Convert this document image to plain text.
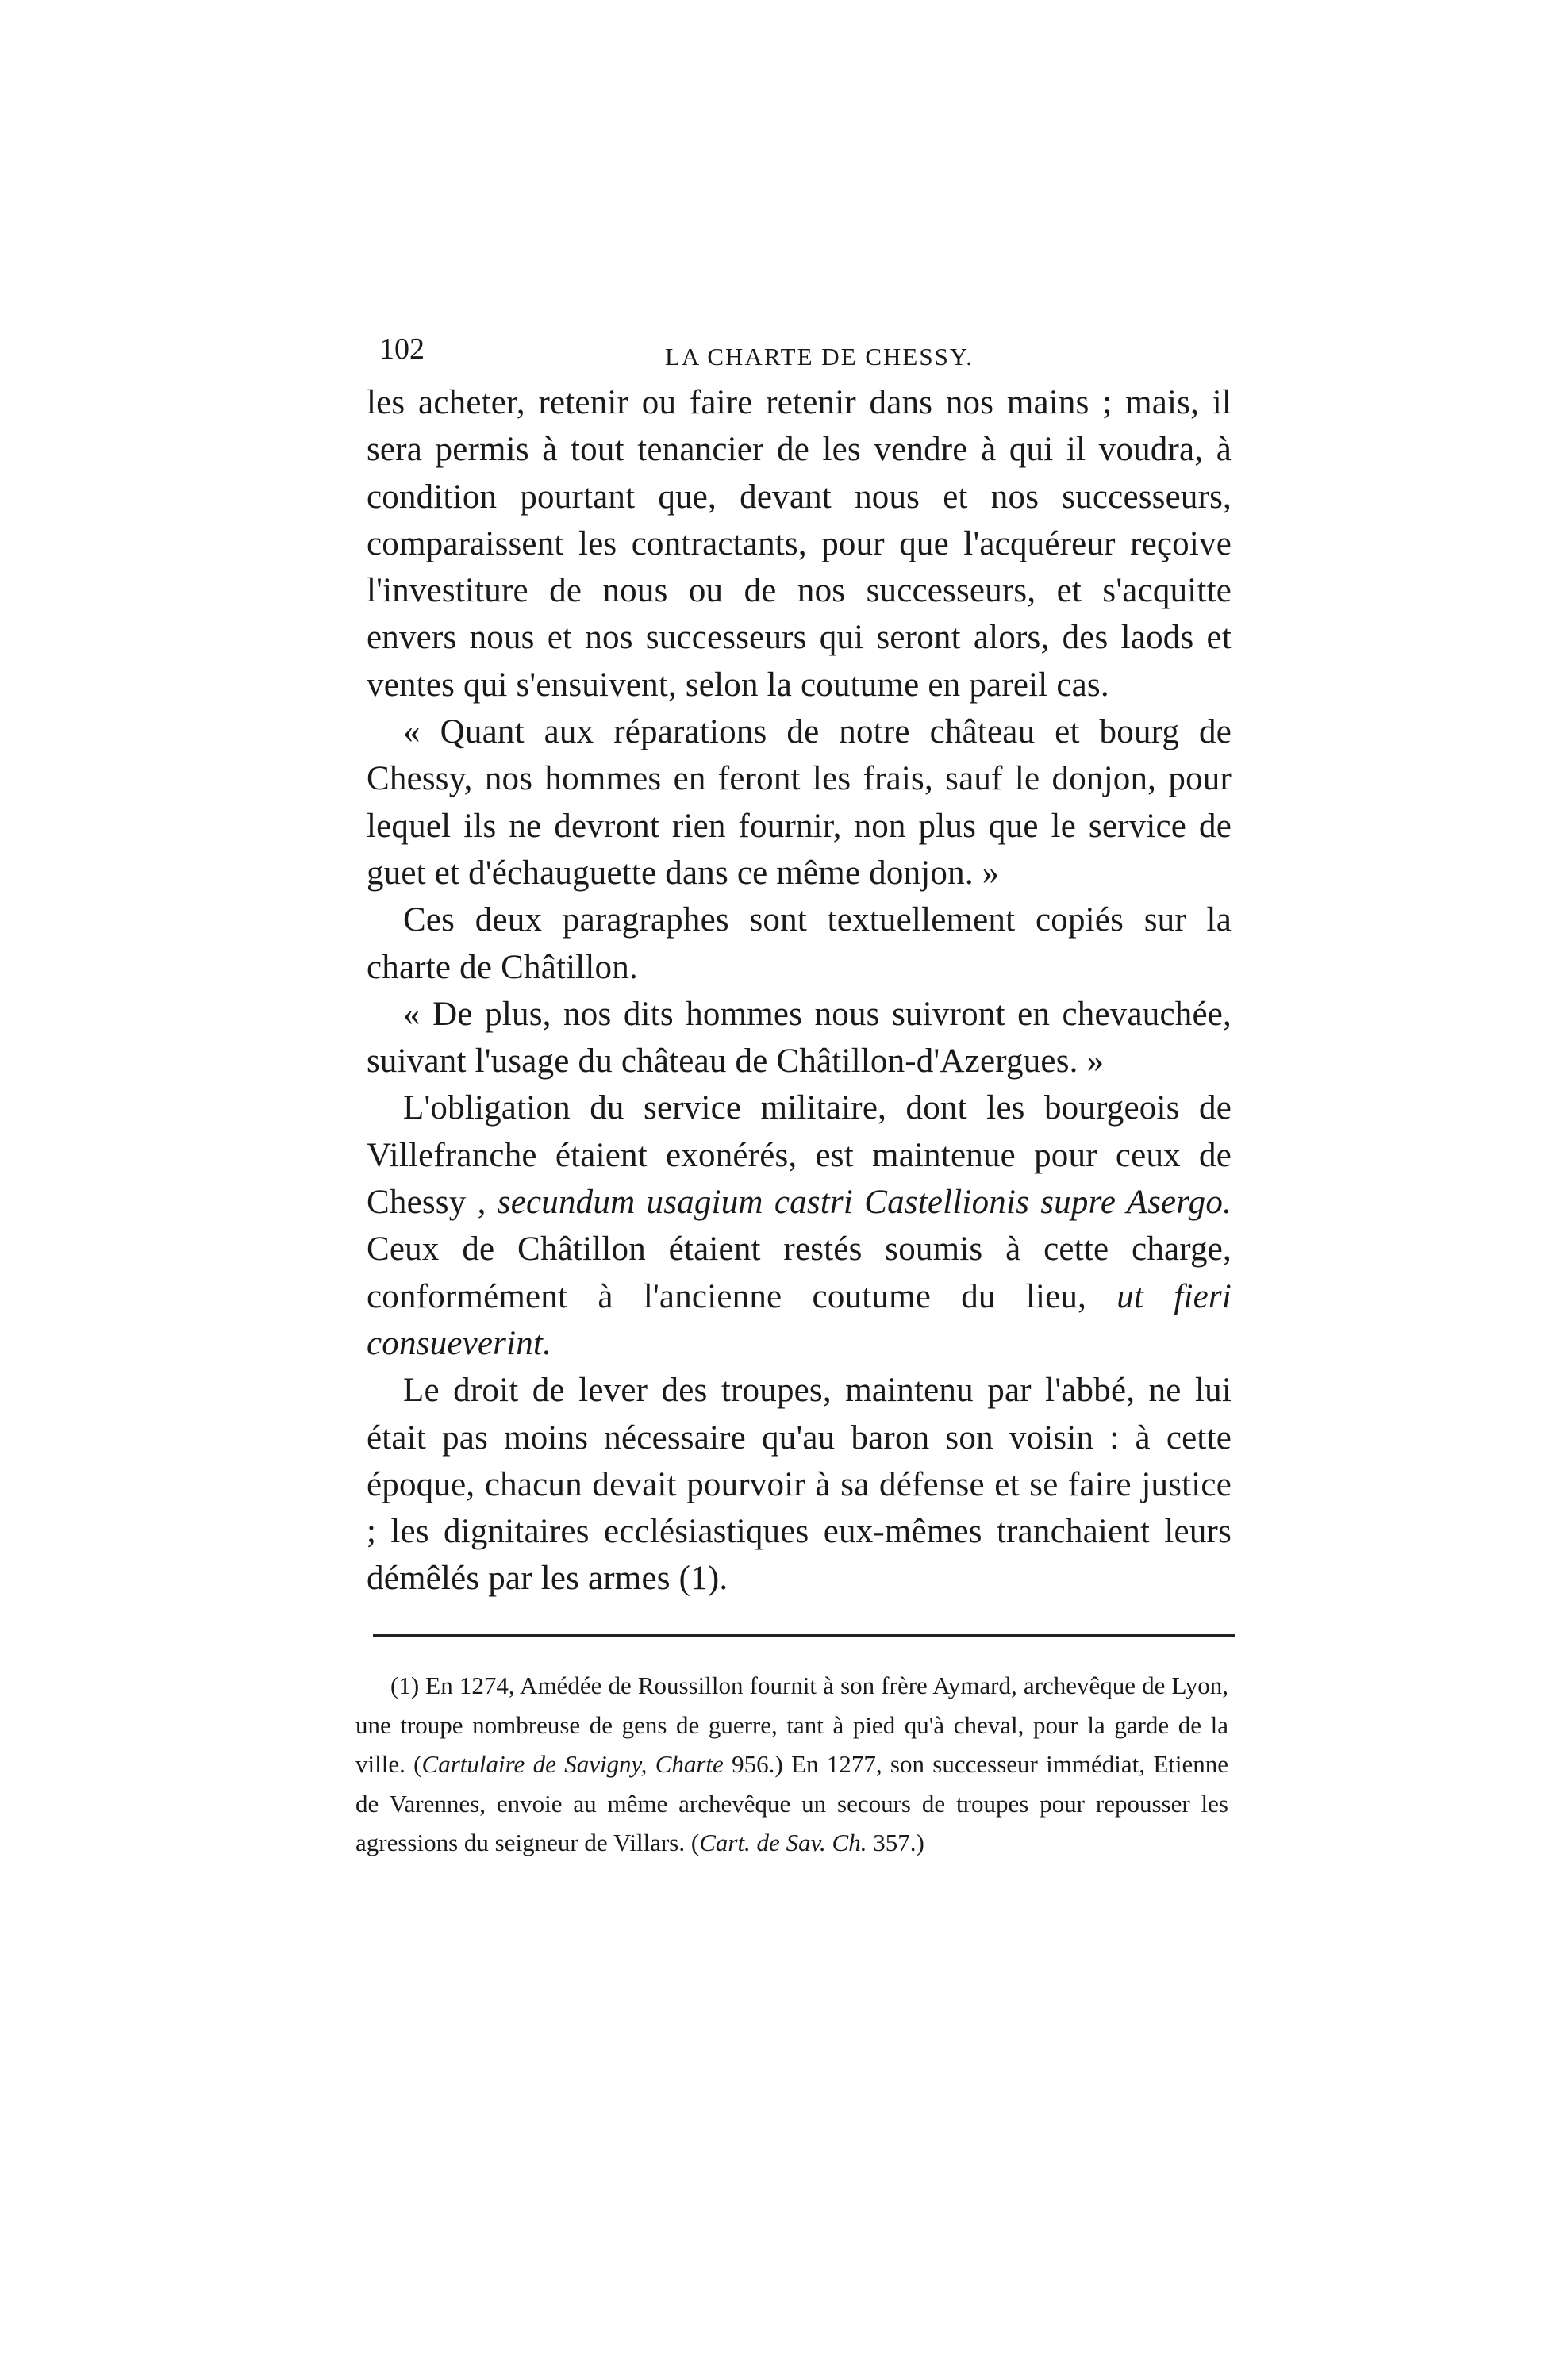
102	LA CHARTE DE CHESSY.

les acheter, retenir ou faire retenir dans nos mains ; mais, il sera permis à tout tenancier de les vendre à qui il voudra, à condition pourtant que, devant nous et nos successeurs, comparaissent les contractants, pour que l'acquéreur reçoive l'investiture de nous ou de nos successeurs, et s'acquitte envers nous et nos successeurs qui seront alors, des laods et ventes qui s'ensuivent, selon la coutume en pareil cas.

« Quant aux réparations de notre château et bourg de Chessy, nos hommes en feront les frais, sauf le donjon, pour lequel ils ne devront rien fournir, non plus que le service de guet et d'échauguette dans ce même donjon. »

Ces deux paragraphes sont textuellement copiés sur la charte de Châtillon.

« De plus, nos dits hommes nous suivront en chevauchée, suivant l'usage du château de Châtillon-d'Azergues. »

L'obligation du service militaire, dont les bourgeois de Villefranche étaient exonérés, est maintenue pour ceux de Chessy , secundum usagium castri Castellionis supre Asergo. Ceux de Châtillon étaient restés soumis à cette charge, conformément à l'ancienne coutume du lieu, ut fieri consueverint.

Le droit de lever des troupes, maintenu par l'abbé, ne lui était pas moins nécessaire qu'au baron son voisin : à cette époque, chacun devait pourvoir à sa défense et se faire justice ; les dignitaires ecclésiastiques eux-mêmes tranchaient leurs démêlés par les armes (1).

(1) En 1274, Amédée de Roussillon fournit à son frère Aymard, archevêque de Lyon, une troupe nombreuse de gens de guerre, tant à pied qu'à cheval, pour la garde de la ville. (Cartulaire de Savigny, Charte 956.) En 1277, son successeur immédiat, Etienne de Varennes, envoie au même archevêque un secours de troupes pour repousser les agressions du seigneur de Villars. (Cart. de Sav. Ch. 357.)
